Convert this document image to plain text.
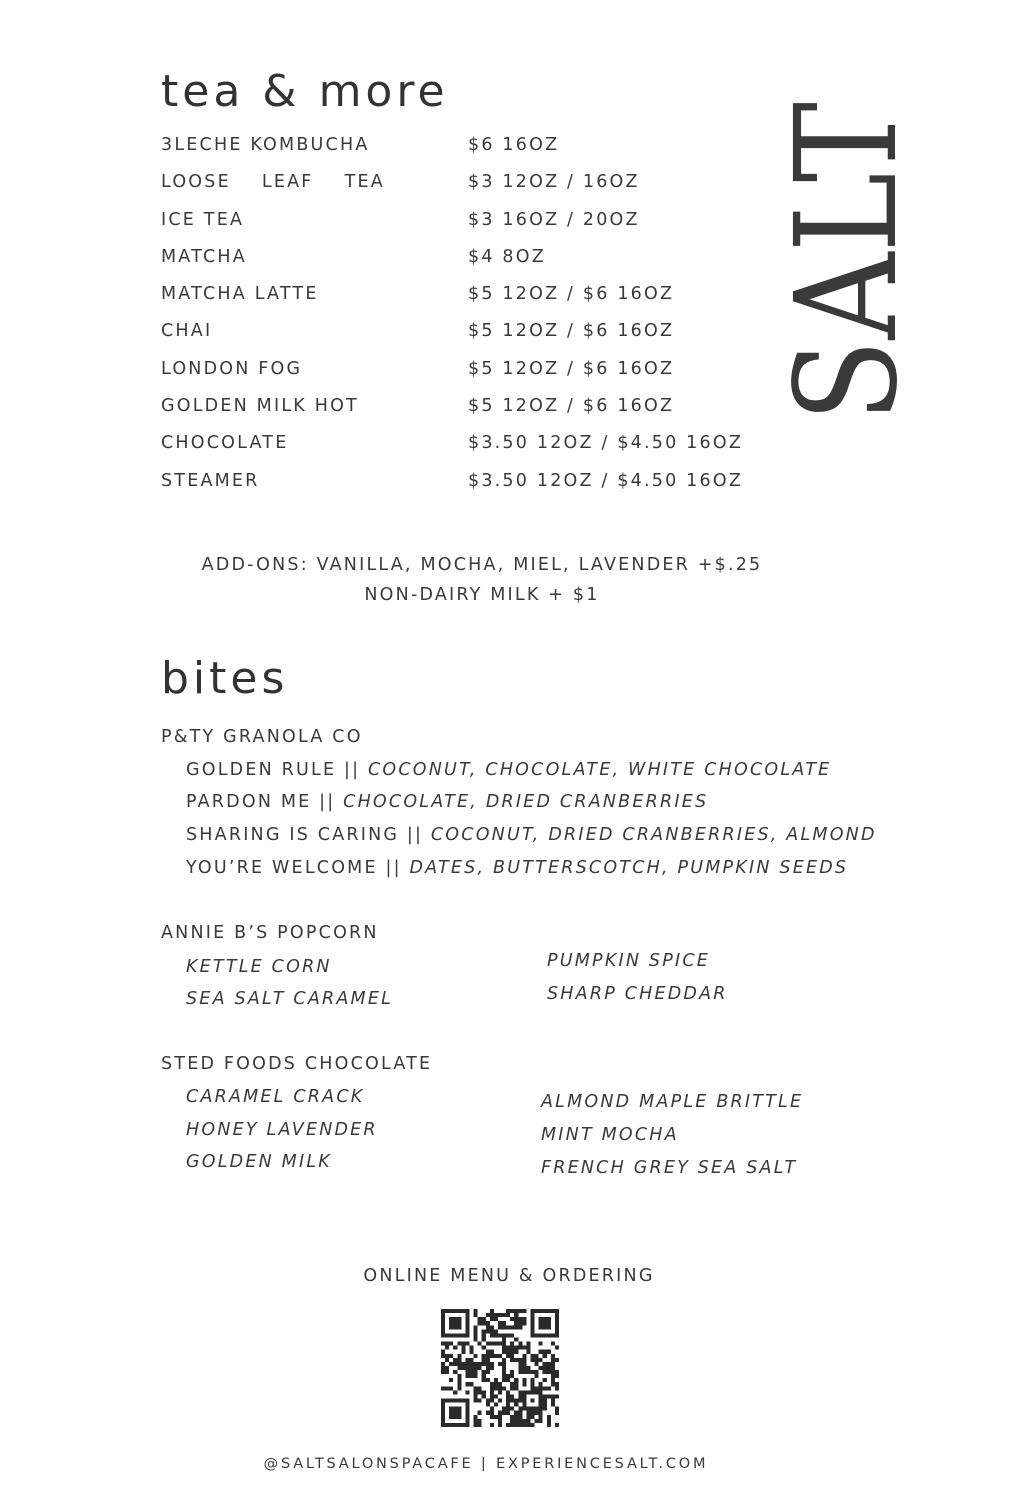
tea & more
3LECHE KOMBUCHA	$6 16OZ
LOOSE    LEAF    TEA	$3 12OZ / 16OZ
ICE TEA	$3 16OZ / 20OZ
MATCHA	$4 8OZ
MATCHA LATTE	$5 12OZ / $6 16OZ
CHAI	$5 12OZ / $6 16OZ
LONDON FOG	$5 12OZ / $6 16OZ
GOLDEN MILK HOT	$5 12OZ / $6 16OZ
CHOCOLATE	$3.50 12OZ / $4.50 16OZ
STEAMER	$3.50 12OZ / $4.50 16OZ
SALT
ADD-ONS: VANILLA, MOCHA, MIEL, LAVENDER +$.25
NON-DAIRY MILK + $1
bites
P&TY GRANOLA CO
GOLDEN RULE || COCONUT, CHOCOLATE, WHITE CHOCOLATE
PARDON ME || CHOCOLATE, DRIED CRANBERRIES
SHARING IS CARING || COCONUT, DRIED CRANBERRIES, ALMOND
YOU’RE WELCOME || DATES, BUTTERSCOTCH, PUMPKIN SEEDS
ANNIE B’S POPCORN
KETTLE CORN
SEA SALT CARAMEL
PUMPKIN SPICE
SHARP CHEDDAR
STED FOODS CHOCOLATE
CARAMEL CRACK
HONEY LAVENDER
GOLDEN MILK
ALMOND MAPLE BRITTLE
MINT MOCHA
FRENCH GREY SEA SALT
ONLINE MENU & ORDERING
@SALTSALONSPACAFE | EXPERIENCESALT.COM
